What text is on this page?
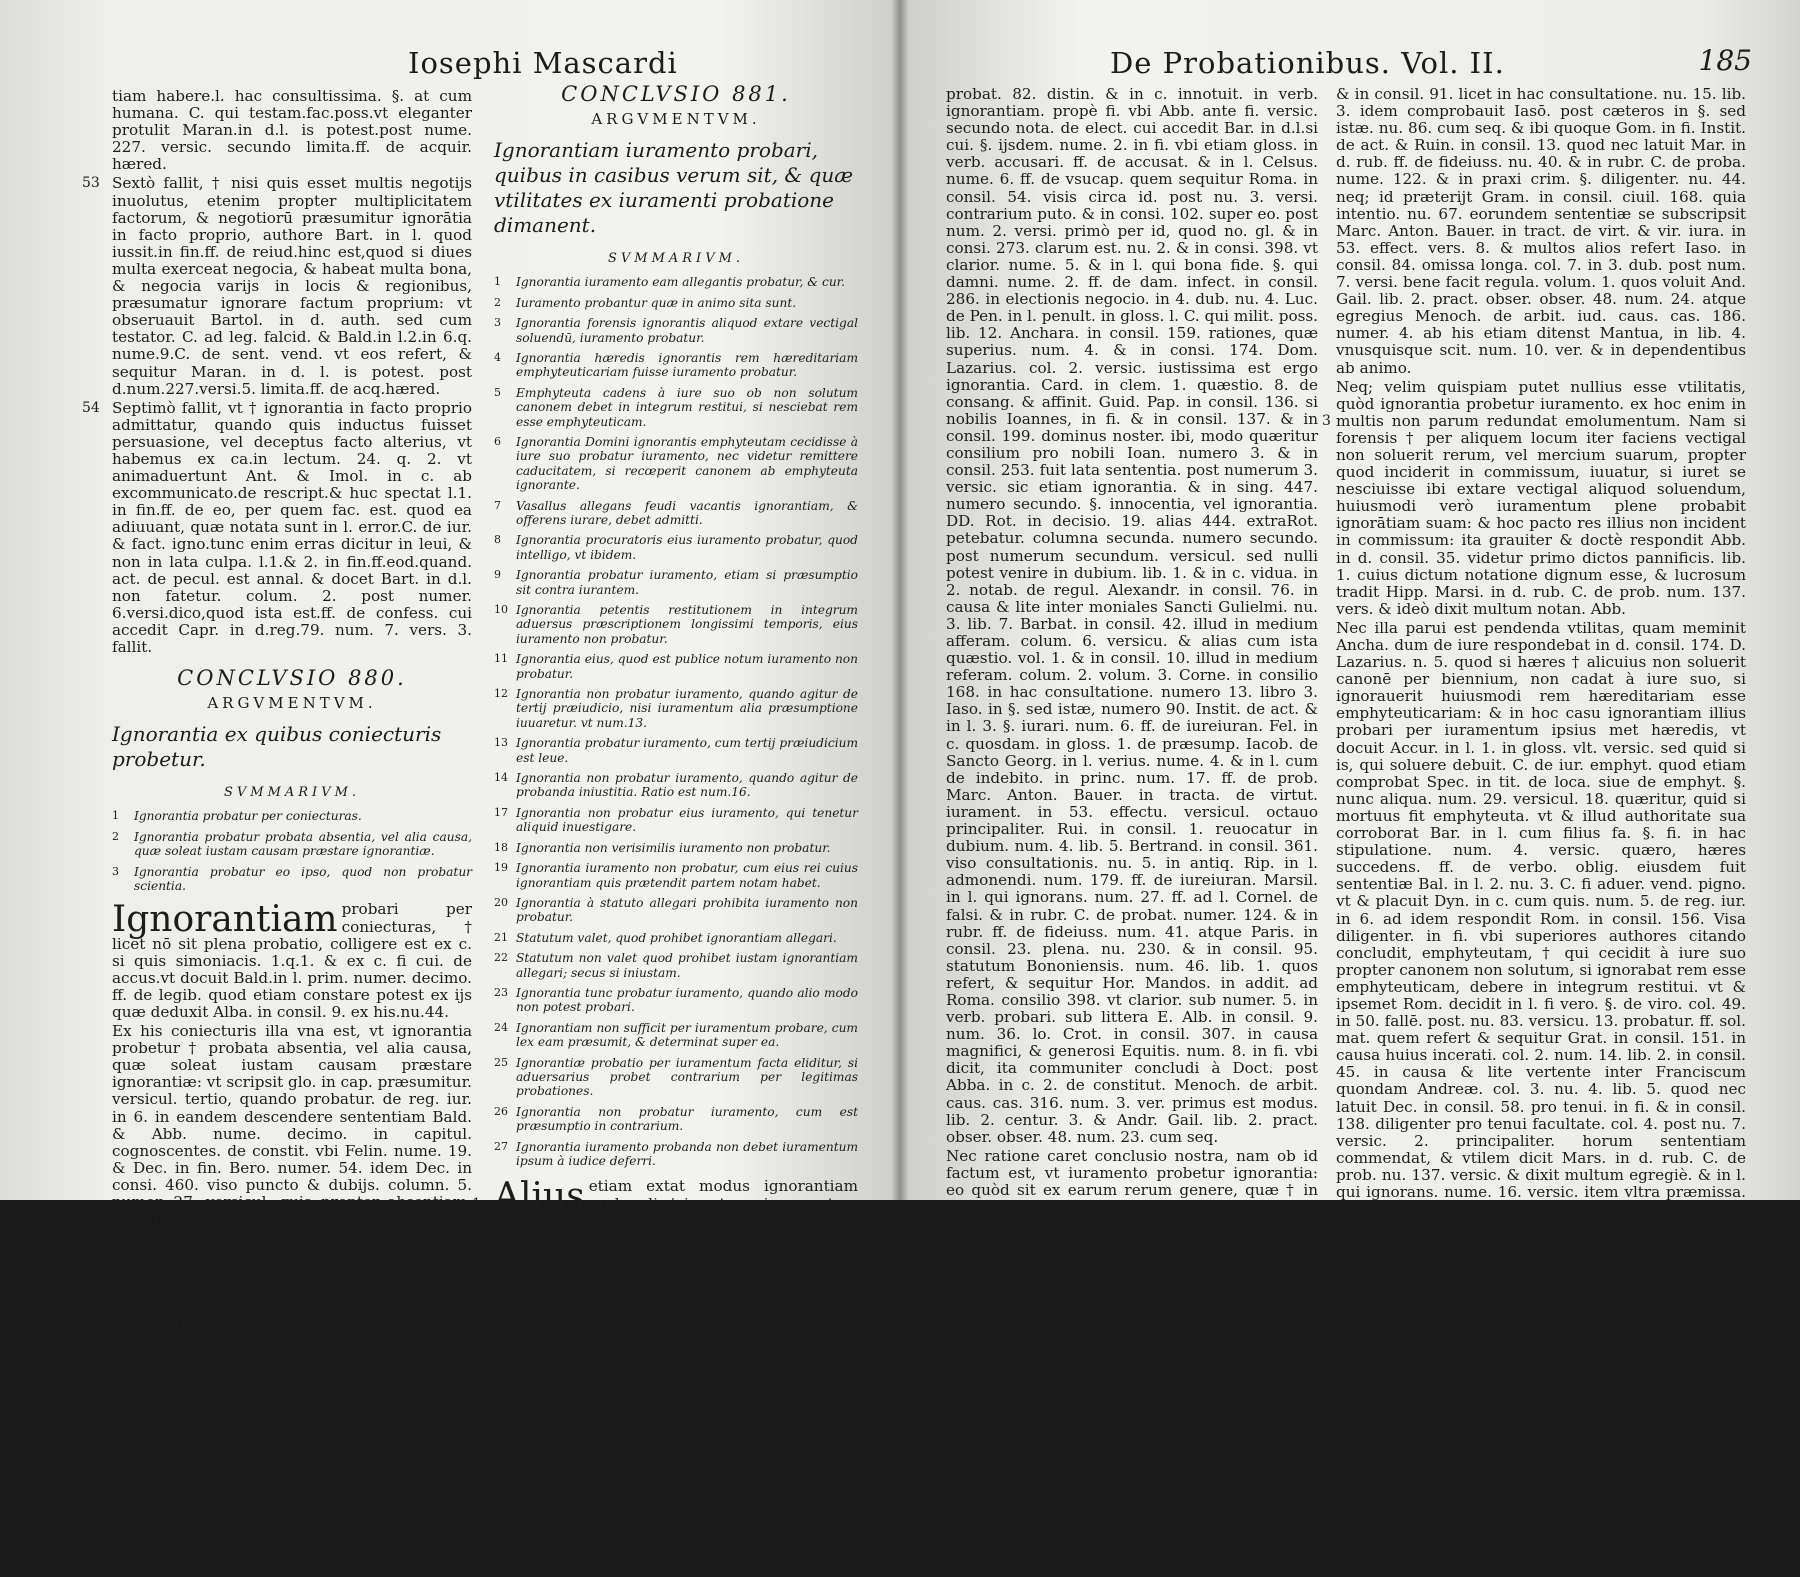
Iosephi Mascardi

tiam habere.l. hac consultissima. §. at cum humana. C. qui testam.fac.poss.vt eleganter protulit Maran.in d.l. is potest.post nume. 227. versic. secundo limita.ff. de acquir. hæred.

53 Sextò fallit, † nisi quis esset multis negotijs inuolutus, etenim propter multiplicitatem factorum, & negotiorū præsumitur ignorātia in facto proprio, authore Bart. in l. quod iussit.in fin.ff. de reiud.hinc est,quod si diues multa exerceat negocia, & habeat multa bona, & negocia varijs in locis & regionibus, præsumatur ignorare factum proprium: vt obseruauit Bartol. in d. auth. sed cum testator. C. ad leg. falcid. & Bald.in l.2.in 6.q. nume.9.C. de sent. vend. vt eos refert, & sequitur Maran. in d. l. is potest. post d.num.227.versi.5. limita.ff. de acq.hæred.

54 Septimò fallit, vt † ignorantia in facto proprio admittatur, quando quis inductus fuisset persuasione, vel deceptus facto alterius, vt habemus ex ca.in lectum. 24. q. 2. vt animaduertunt Ant. & Imol. in c. ab excommunicato.de rescript.& huc spectat l.1. in fin.ff. de eo, per quem fac. est. quod ea adiuuant, quæ notata sunt in l. error.C. de iur. & fact. igno.tunc enim erras dicitur in leui, & non in lata culpa. l.1.& 2. in fin.ff.eod.quand. act. de pecul. est annal. & docet Bart. in d.l. non fatetur. colum. 2. post numer. 6.versi.dico,quod ista est.ff. de confess. cui accedit Capr. in d.reg.79. num. 7. vers. 3. fallit.

CONCLVSIO 880.
ARGVMENTVM.
Ignorantia ex quibus coniecturis probetur.
SVMMARIVM.
1	Ignorantia probatur per coniecturas.
2	Ignorantia probatur probata absentia, vel alia causa, quæ soleat iustam causam præstare ignorantiæ.
3	Ignorantia probatur eo ipso, quod non probatur scientia.

Ignorantiam probari per coniecturas, † licet nō sit plena probatio, colligere est ex c. si quis simoniacis. 1.q.1. & ex c. fi cui. de accus.vt docuit Bald.in l. prim. numer. decimo. ff. de legib. quod etiam constare potest ex ijs quæ deduxit Alba. in consil. 9. ex his.nu.44.

Ex his coniecturis illa vna est, vt ignorantia probetur † probata absentia, vel alia causa, quæ soleat iustam causam præstare ignorantiæ: vt scripsit glo. in cap. præsumitur. versicul. tertio, quando probatur. de reg. iur. in 6. in eandem descendere sententiam Bald. & Abb. nume. decimo. in capitul. cognoscentes. de constit. vbi Felin. nume. 19. & Dec. in fin. Bero. numer. 54. idem Dec. in consi. 460. viso puncto & dubijs. column. 5. numer. 27. versicul. quia propter absentiam. ex l. Titius. §. Lucius. ff. de lib. & posthum. & l. planè. ff. de excusatio. tutor. prout et sentiam si perbetur ætas minor: vt habemus ab eadem glos. in d.c. præsumitur. versicul. secund. quando probetur. de reg. iur. vt etiam confirmat Menoch. de arb. iud. caus. cas.186. nume. 16. versic. secundus modus. lib. 2. centur. 2.

Præterea ignorantia probatur eo ipso, † quòd non probatur scientia: ita docet glo. in l. 1. in verb. edocere potes. C. ad Maced. & in l. si tutor potes. super verb. ostenderis. C. de peric. tutor. eiusdem fuit sententiæ Bart. in l. si cui. §. ijsdem. num. 2. ff. de accus. & ibi glo. super verb. docuerit. & hoc vt etiam aperte sanxit Imp. in l. super seruis. vbi gl. in verb. ostenderis. & Bart. nume. 5. C. qui militar. poss. vel non. lib. 2. idem voluit And. Gail. lib. 2. practicar. obseruatio. obserua. 48. post num. 22. col. 6. vers. probatur autem ignorantia.

CONCLVSIO 881.
ARGVMENTVM.
Ignorantiam iuramento probari, quibus in casibus verum sit, & quæ vtilitates ex iuramenti probatione dimanent.
SVMMARIVM.
1	Ignorantia iuramento eam allegantis probatur, & cur.
2	Iuramento probantur quæ in animo sita sunt.
3	Ignorantia forensis ignorantis aliquod extare vectigal soluendū, iuramento probatur.
4	Ignorantia hæredis ignorantis rem hæreditariam emphyteuticariam fuisse iuramento probatur.
5	Emphyteuta cadens à iure suo ob non solutum canonem debet in integrum restitui, si nesciebat rem esse emphyteuticam.
6	Ignorantia Domini ignorantis emphyteutam cecidisse à iure suo probatur iuramento, nec videtur remittere caducitatem, si recœperit canonem ab emphyteuta ignorante.
7	Vasallus allegans feudi vacantis ignorantiam, & offerens iurare, debet admitti.
8	Ignorantia procuratoris eius iuramento probatur, quod intelligo, vt ibidem.
9	Ignorantia probatur iuramento, etiam si præsumptio sit contra iurantem.
10 Ignorantia petentis restitutionem in integrum aduersus præscriptionem longissimi temporis, eius iuramento non probatur.
11 Ignorantia eius, quod est publice notum iuramento non probatur.
12 Ignorantia non probatur iuramento, quando agitur de tertij præiudicio, nisi iuramentum alia præsumptione iuuaretur. vt num.13.
13 Ignorantia probatur iuramento, cum tertij præiudicium est leue.
14 Ignorantia non probatur iuramento, quando agitur de probanda iniustitia. Ratio est num.16.
17 Ignorantia non probatur eius iuramento, qui tenetur aliquid inuestigare.
18 Ignorantia non verisimilis iuramento non probatur.
19 Ignorantia iuramento non probatur, cum eius rei cuius ignorantiam quis prætendit partem notam habet.
20 Ignorantia à statuto allegari prohibita iuramento non probatur.
21 Statutum valet, quod prohibet ignorantiam allegari.
22 Statutum non valet quod prohibet iustam ignorantiam allegari; secus si iniustam.
23 Ignorantia tunc probatur iuramento, quando alio modo non potest probari.
24 Ignorantiam non sufficit per iuramentum probare, cum lex eam præsumit, & determinat super ea.
25 Ignorantiæ probatio per iuramentum facta eliditur, si aduersarius probet contrarium per legitimas probationes.
26 Ignorantia non probatur iuramento, cum est præsumptio in contrarium.
27 Ignorantia iuramento probanda non debet iuramentum ipsum à iudice deferri.

1 Alius etiam extat modus ignorantiam probandi; † is est per iuramentum eam allegantis: ita sanxit Inno. IIII. in c. vt iura. ibi, super huiusmodi autem iuramento. & in c. nulli. in fi. de elect. in 6. idem probatur ex cap. in lectum. 24. q. 2. & in c. fi vero. il. 2. de sen. excommu. & in cap. cum in tua. ibi, nisi proprio firmaueris iuramento. vbi glos. qui matrim. accus. poss. & in c. pastoralis. de excep. & in c. præsentium. de testib. sic etiam sensit glos. in c. præsumitur. in verb. præsumitur. versic. vno modo. de regul. iur. in 6. & in d. qui & humanis. in fi. gloss. vlt. 12. q. 2. & in c. propofuisti. in verb. non probatur. versic. sed qualiter pro-

De Probationibus. Vol. II.	185

probat. 82. distin. & in c. innotuit. in verb. ignorantiam. propè fi. vbi Abb. ante fi. versic. secundo nota. de elect. cui accedit Bar. in d.l.si cui. §. ijsdem. nume. 2. in fi. vbi etiam gloss. in verb. accusari. ff. de accusat. & in l. Celsus. nume. 6. ff. de vsucap. quem sequitur Roma. in consil. 54. visis circa id. post nu. 3. versi. contrarium puto. & in consi. 102. super eo. post num. 2. versi. primò per id, quod no. gl. & in consi. 273. clarum est. nu. 2. & in consi. 398. vt clarior. nume. 5. & in l. qui bona fide. §. qui damni. nume. 2. ff. de dam. infect. in consil. 286. in electionis negocio. in 4. dub. nu. 4. Luc. de Pen. in l. penult. in gloss. l. C. qui milit. poss. lib. 12. Anchara. in consil. 159. rationes, quæ superius. num. 4. & in consi. 174. Dom. Lazarius. col. 2. versic. iustissima est ergo ignorantia. Card. in clem. 1. quæstio. 8. de consang. & affinit. Guid. Pap. in consil. 136. si nobilis Ioannes, in fi. & in consil. 137. & in consil. 199. dominus noster. ibi, modo quæritur consilium pro nobili Ioan. numero 3. & in consil. 253. fuit lata sententia. post numerum 3. versic. sic etiam ignorantia. & in sing. 447. numero secundo. §. innocentia, vel ignorantia. DD. Rot. in decisio. 19. alias 444. extraRot. petebatur. columna secunda. numero secundo. post numerum secundum. versicul. sed nulli potest venire in dubium. lib. 1. & in c. vidua. in 2. notab. de regul. Alexandr. in consil. 76. in causa & lite inter moniales Sancti Gulielmi. nu. 3. lib. 7. Barbat. in consil. 42. illud in medium afferam. colum. 6. versicu. & alias cum ista quæstio. vol. 1. & in consil. 10. illud in medium referam. colum. 2. volum. 3. Corne. in consilio 168. in hac consultatione. numero 13. libro 3. Iaso. in §. sed istæ, numero 90. Instit. de act. & in l. 3. §. iurari. num. 6. ff. de iureiuran. Fel. in c. quosdam. in gloss. 1. de præsump. Iacob. de Sancto Georg. in l. verius. nume. 4. & in l. cum de indebito. in princ. num. 17. ff. de prob. Marc. Anton. Bauer. in tracta. de virtut. iurament. in 53. effectu. versicul. octauo principaliter. Rui. in consil. 1. reuocatur in dubium. num. 4. lib. 5. Bertrand. in consil. 361. viso consultationis. nu. 5. in antiq. Rip. in l. admonendi. num. 179. ff. de iureiuran. Marsil. in l. qui ignorans. num. 27. ff. ad l. Cornel. de falsi. & in rubr. C. de probat. numer. 124. & in rubr. ff. de fideiuss. num. 41. atque Paris. in consil. 23. plena. nu. 230. & in consil. 95. statutum Bononiensis. num. 46. lib. 1. quos refert, & sequitur Hor. Mandos. in addit. ad Roma. consilio 398. vt clarior. sub numer. 5. in verb. probari. sub littera E. Alb. in consil. 9. num. 36. lo. Crot. in consil. 307. in causa magnifici, & generosi Equitis. num. 8. in fi. vbi dicit, ita communiter concludi à Doct. post Abba. in c. 2. de constitut. Menoch. de arbit. caus. cas. 316. num. 3. ver. primus est modus. lib. 2. centur. 3. & Andr. Gail. lib. 2. pract. obser. obser. 48. num. 23. cum seq.

Nec ratione caret conclusio nostra, nam ob id factum est, vt iuramento probetur ignorantia: eo quòd sit ex earum rerum genere, quæ † in animo cōsistunt: ea vero, quæ in animo sunt sita, iuramento probari, Pont. mihi testis est, in c. cum in tua. §. vlt. qui matrim. accus. poss. & c. pastoralis. in fi. de excep. & l. C. in l. 1. non omnes. §. à barbaris. ff. de re mil. gloss. ord. in c. præsumitur. de reg. iur. in 7. gloss. sing. & communiter approbata in c. significauit. in verb. ita est. de homic. idem docuit Accur. in l. 1. §. fi. ti. l. 1. in verb. non occidendi. C. de ficar. & Bar. in l. inter omnes. §. rectè. numero secundo. ff. de furt. vt & sequitur Dec. in dicto consil. 398. num. 5. & in consil. 76. in causa nobilis. num. 4. & in consil. 320. hæc istorum. nume. 3. vt & asserit Ioan. de Ana. in consil. 19. ait. §. Stabioli. versicu. 2. eiusdem sententiæ Alex. consil. 19. viso processu causæ vertentis inter procuratorem cameræ. post numer. 2. sub versicul. subsequenter probatum est. lib. 1. ad idem consuluit Corneus. in consil. 250. viso statuto. n. 7. & in consil. 272. in hac consultatione. nu. 19. & in consil. 337. dictos actores. nu. 11. lib. 1.

& in consil. 91. licet in hac consultatione. nu. 15. lib. 3. idem comprobauit Iasō. post cæteros in §. sed istæ. nu. 86. cum seq. & ibi quoque Gom. in fi. Instit. de act. & Ruin. in consil. 13. quod nec latuit Mar. in d. rub. ff. de fideiuss. nu. 40. & in rubr. C. de proba. nume. 122. & in praxi crim. §. diligenter. nu. 44. neq; id præterijt Gram. in consil. ciuil. 168. quia intentio. nu. 67. eorundem sententiæ se subscripsit Marc. Anton. Bauer. in tract. de virt. & vir. iura. in 53. effect. vers. 8. & multos alios refert Iaso. in consil. 84. omissa longa. col. 7. in 3. dub. post num. 7. versi. bene facit regula. volum. 1. quos voluit And. Gail. lib. 2. pract. obser. obser. 48. num. 24. atque egregius Menoch. de arbit. iud. caus. cas. 186. numer. 4. ab his etiam ditenst Mantua, in lib. 4. vnusquisque scit. num. 10. ver. & in dependentibus ab animo.

3
Neq; velim quispiam putet nullius esse vtilitatis, quòd ignorantia probetur iuramento. ex hoc enim in multis non parum redundat emolumentum. Nam si forensis † per aliquem locum iter faciens vectigal non soluerit rerum, vel mercium suarum, propter quod inciderit in commissum, iuuatur, si iuret se nesciuisse ibi extare vectigal aliquod soluendum, huiusmodi verò iuramentum plene probabit ignorātiam suam: & hoc pacto res illius non incident in commissum: ita grauiter & doctè respondit Abb. in d. consil. 35. videtur primo dictos pannificis. lib. 1. cuius dictum notatione dignum esse, & lucrosum tradit Hipp. Marsi. in d. rub. C. de prob. num. 137. vers. & ideò dixit multum notan. Abb.

Nec illa parui est pendenda vtilitas, quam meminit Ancha. dum de iure respondebat in d. consil. 174. D. Lazarius. n. 5. quod si hæres † alicuius non soluerit canonē per biennium, non cadat à iure suo, si ignorauerit huiusmodi rem hæreditariam esse emphyteuticariam: & in hoc casu ignorantiam illius probari per iuramentum ipsius met hæredis, vt docuit Accur. in l. 1. in gloss. vlt. versic. sed quid si is, qui soluere debuit. C. de iur. emphyt. quod etiam comprobat Spec. in tit. de loca. siue de emphyt. §. nunc aliqua. num. 29. versicul. 18. quæritur, quid si mortuus fit emphyteuta. vt & illud authoritate sua corroborat Bar. in l. cum filius fa. §. fi. in hac stipulatione. num. 4. versic. quæro, hæres succedens. ff. de verbo. oblig. eiusdem fuit sententiæ Bal. in l. 2. nu. 3. C. fi aduer. vend. pigno. vt & placuit Dyn. in c. cum quis. num. 5. de reg. iur. in 6. ad idem respondit Rom. in consil. 156. Visa diligenter. in fi. vbi superiores authores citando concludit, emphyteutam, † qui cecidit à iure suo propter canonem non solutum, si ignorabat rem esse emphyteuticam, debere in integrum restitui. vt & ipsemet Rom. decidit in l. fi vero. §. de viro. col. 49. in 50. fallē. post. nu. 83. versicu. 13. probatur. ff. sol. mat. quem refert & sequitur Grat. in consil. 151. in causa huius incerati. col. 2. num. 14. lib. 2. in consil. 45. in causa & lite vertente inter Franciscum quondam Andreæ. col. 3. nu. 4. lib. 5. quod nec latuit Dec. in consil. 58. pro tenui. in fi. & in consil. 138. diligenter pro tenui facultate. col. 4. post nu. 7. versic. 2. principaliter. horum sententiam commendat, & vtilem dicit Mars. in d. rub. C. de prob. nu. 137. versic. & dixit multum egregiè. & in l. qui ignorans. nume. 16. versic. item vltra præmissa. & in l. qui falsam. num. 80. versicul. item facit etiam. ff. ad legem Cornel. de falsi. & in consil. 18. protector in fi. ad idem sequitur Gail. lib. 2. pract. obser. 48. num. 24. & facit etiam secundum Pet. de Anch.

6
Maxima quoq; est illa vtilitas, quæ emergit ex ista probatione per iuramentum. Nam si dominus recepit † ab emphyteuta canonem post quam cecidit à iure suo, videtur sibi remittere caducitatem, & eum redintegrare: iuxta sententiam scribentium in leg. 2. C. de iur. emphyteu. hoc tamen est verum, si sciuerit emphyteutam, à quo recepit canonem, cecidisse à iure suo: secus autem si hoc ignorasset: quia tunc recipiendo canonem ignorans illius caducitatem sibi non præiudicat: vt egregiè tradit Cyn. in l. 2.
